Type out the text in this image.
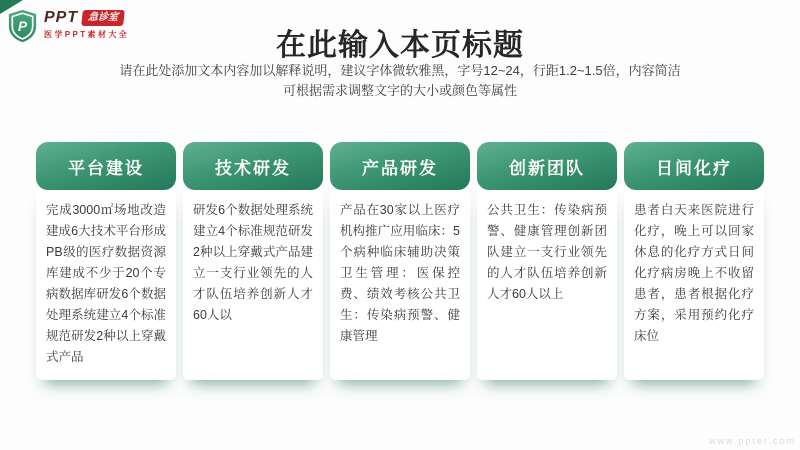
P
PPT 急诊室
医学PPT素材大全	在此输入本页标题

请在此处添加文本内容加以解释说明，建议字体微软雅黑，字号12~24，行距1.2~1.5倍，内容简洁
可根据需求调整文字的大小或颜色等属性

平台建设
完成3000㎡场地改造建成6大技术平台形成PB级的医疗数据资源库建成不少于20个专病数据库研发6个数据处理系统建立4个标准规范研发2种以上穿戴式产品
技术研发
研发6个数据处理系统建立4个标准规范研发2种以上穿戴式产品建立一支行业领先的人才队伍培养创新人才60人以
产品研发
产品在30家以上医疗机构推广应用临床：5个病种临床辅助决策卫生管理：医保控费、绩效考核公共卫生：传染病预警、健康管理
创新团队
公共卫生：传染病预警、健康管理创新团队建立一支行业领先的人才队伍培养创新人才60人以上
日间化疗
患者白天来医院进行化疗，晚上可以回家休息的化疗方式日间化疗病房晚上不收留患者，患者根据化疗方案，采用预约化疗床位
www.ppter.com
